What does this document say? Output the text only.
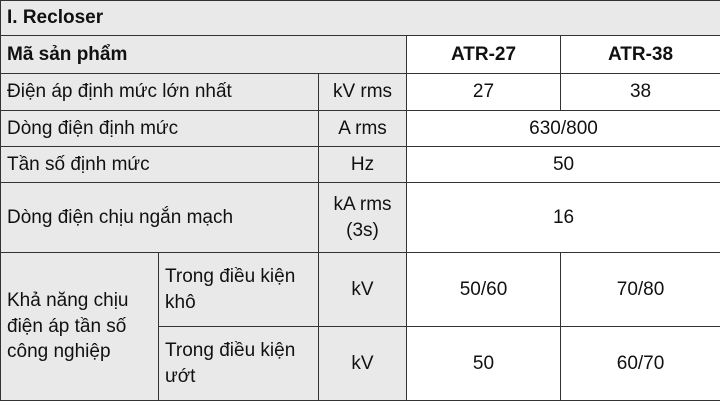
I. Recloser				
Mã sản phẩm			ATR-27	ATR-38
Điện áp định mức lớn nhất		kV rms	27	38
Dòng điện định mức		A rms	630/800	
Tần số định mức		Hz	50	
Dòng điện chịu ngắn mạch		kA rms (3s)	16	
Khả năng chịu điện áp tần số công nghiệp	Trong điều kiện khô	kV	50/60	70/80
	Trong điều kiện ướt	kV	50	60/70
